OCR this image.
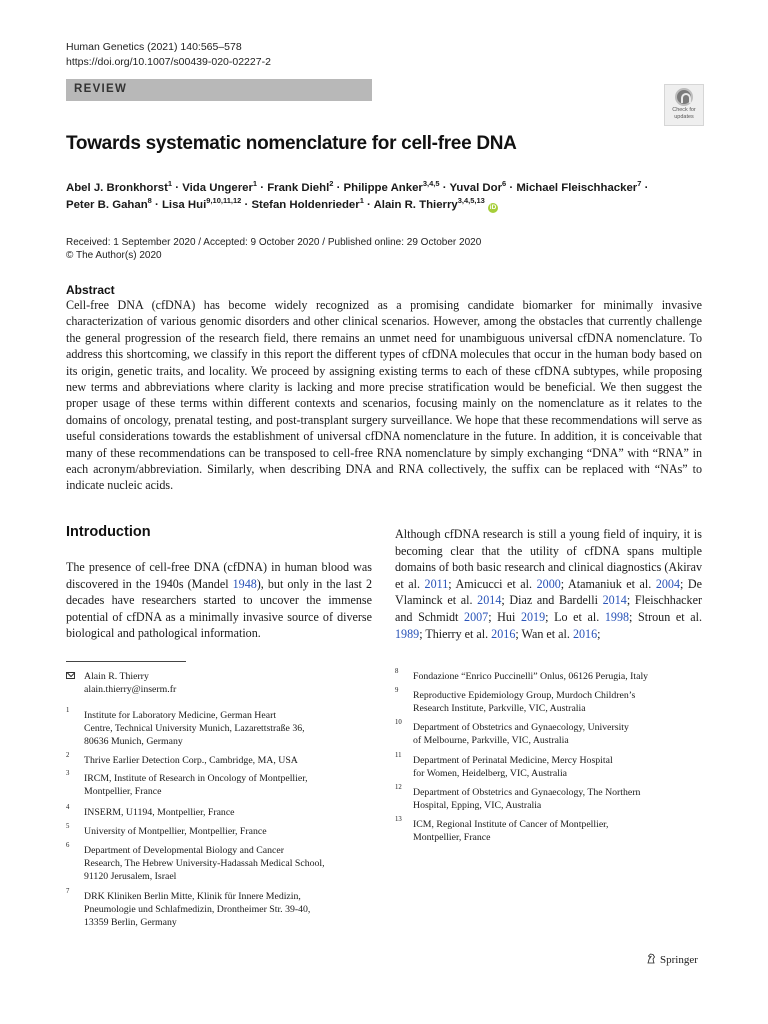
Human Genetics (2021) 140:565–578
https://doi.org/10.1007/s00439-020-02227-2
REVIEW
Check for updates
Towards systematic nomenclature for cell-free DNA
Abel J. Bronkhorst$^1$ · Vida Ungerer$^1$ · Frank Diehl$^2$ · Philippe Anker$^{3,4,5}$ · Yuval Dor$^6$ · Michael Fleischhacker$^7$ ·
Peter B. Gahan$^8$ · Lisa Hui$^{9,10,11,12}$ · Stefan Holdenrieder$^1$ · Alain R. Thierry$^{3,4,5,13}$ iD
Received: 1 September 2020 / Accepted: 9 October 2020 / Published online: 29 October 2020
© The Author(s) 2020
Abstract
Cell-free DNA (cfDNA) has become widely recognized as a promising candidate biomarker for minimally invasive characterization of various genomic disorders and other clinical scenarios. However, among the obstacles that currently challenge the general progression of the research field, there remains an unmet need for unambiguous universal cfDNA nomenclature. To address this shortcoming, we classify in this report the different types of cfDNA molecules that occur in the human body based on its origin, genetic traits, and locality. We proceed by assigning existing terms to each of these cfDNA subtypes, while proposing new terms and abbreviations where clarity is lacking and more precise stratification would be beneficial. We then suggest the proper usage of these terms within different contexts and scenarios, focusing mainly on the nomenclature as it relates to the domains of oncology, prenatal testing, and post-transplant surgery surveillance. We hope that these recommendations will serve as useful considerations towards the establishment of universal cfDNA nomenclature in the future. In addition, it is conceivable that many of these recommendations can be transposed to cell-free RNA nomenclature by simply exchanging “DNA” with “RNA” in each acronym/abbreviation. Similarly, when describing DNA and RNA collectively, the suffix can be replaced with “NAs” to indicate nucleic acids.
Introduction
The presence of cell-free DNA (cfDNA) in human blood was discovered in the 1940s (Mandel 1948), but only in the last 2 decades have researchers started to uncover the immense potential of cfDNA as a minimally invasive source of diverse biological and pathological information.
Although cfDNA research is still a young field of inquiry, it is becoming clear that the utility of cfDNA spans multiple domains of both basic research and clinical diagnostics (Akirav et al. 2011; Amicucci et al. 2000; Atamaniuk et al. 2004; De Vlaminck et al. 2014; Diaz and Bardelli 2014; Fleischhacker and Schmidt 2007; Hui 2019; Lo et al. 1998; Stroun et al. 1989; Thierry et al. 2016; Wan et al. 2016;
Alain R. Thierry
alain.thierry@inserm.fr
1 Institute for Laboratory Medicine, German Heart
Centre, Technical University Munich, Lazarettstraße 36,
80636 Munich, Germany
2 Thrive Earlier Detection Corp., Cambridge, MA, USA
3 IRCM, Institute of Research in Oncology of Montpellier,
Montpellier, France
4 INSERM, U1194, Montpellier, France
5 University of Montpellier, Montpellier, France
6 Department of Developmental Biology and Cancer
Research, The Hebrew University-Hadassah Medical School,
91120 Jerusalem, Israel
7 DRK Kliniken Berlin Mitte, Klinik für Innere Medizin,
Pneumologie und Schlafmedizin, Drontheimer Str. 39-40,
13359 Berlin, Germany
8 Fondazione “Enrico Puccinelli” Onlus, 06126 Perugia, Italy
9 Reproductive Epidemiology Group, Murdoch Children’s
Research Institute, Parkville, VIC, Australia
10 Department of Obstetrics and Gynaecology, University
of Melbourne, Parkville, VIC, Australia
11 Department of Perinatal Medicine, Mercy Hospital
for Women, Heidelberg, VIC, Australia
12 Department of Obstetrics and Gynaecology, The Northern
Hospital, Epping, VIC, Australia
13 ICM, Regional Institute of Cancer of Montpellier,
Montpellier, France
Springer
